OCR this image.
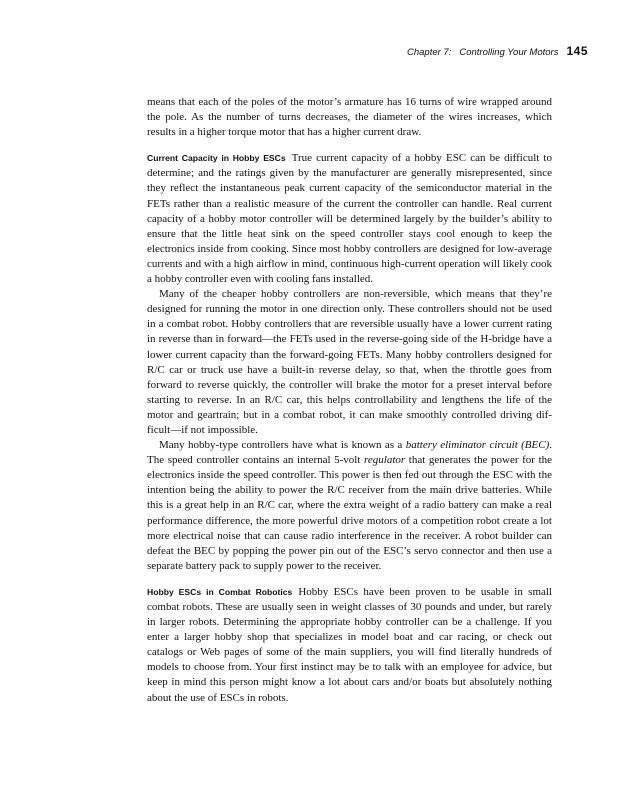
Chapter 7: Controlling Your Motors 145

means that each of the poles of the motor’s armature has 16 turns of wire wrapped around the pole. As the number of turns decreases, the diameter of the wires increases, which results in a higher torque motor that has a higher current draw.

Current Capacity in Hobby ESCs True current capacity of a hobby ESC can be difficult to determine; and the ratings given by the manufacturer are generally misrepresented, since they reflect the instantaneous peak current capacity of the semiconductor material in the FETs rather than a realistic measure of the current the controller can handle. Real current capacity of a hobby motor controller will be determined largely by the builder’s ability to ensure that the little heat sink on the speed controller stays cool enough to keep the electronics inside from cooking. Since most hobby controllers are designed for low-average currents and with a high airflow in mind, continuous high-current operation will likely cook a hobby controller even with cooling fans installed.

Many of the cheaper hobby controllers are non-reversible, which means that they’re designed for running the motor in one direction only. These controllers should not be used in a combat robot. Hobby controllers that are reversible usually have a lower current rating in reverse than in forward—the FETs used in the reverse-going side of the H-bridge have a lower current capacity than the forward-going FETs. Many hobby controllers designed for R/C car or truck use have a built-in reverse delay, so that, when the throttle goes from forward to reverse quickly, the controller will brake the motor for a preset interval before starting to reverse. In an R/C car, this helps controllability and lengthens the life of the motor and geartrain; but in a combat robot, it can make smoothly controlled driving difficult—if not impossible.

Many hobby-type controllers have what is known as a battery eliminator circuit (BEC). The speed controller contains an internal 5-volt regulator that generates the power for the electronics inside the speed controller. This power is then fed out through the ESC with the intention being the ability to power the R/C receiver from the main drive batteries. While this is a great help in an R/C car, where the extra weight of a radio battery can make a real performance difference, the more powerful drive motors of a competition robot create a lot more electrical noise that can cause radio interference in the receiver. A robot builder can defeat the BEC by popping the power pin out of the ESC’s servo connector and then use a separate battery pack to supply power to the receiver.

Hobby ESCs in Combat Robotics Hobby ESCs have been proven to be usable in small combat robots. These are usually seen in weight classes of 30 pounds and under, but rarely in larger robots. Determining the appropriate hobby controller can be a challenge. If you enter a larger hobby shop that specializes in model boat and car racing, or check out catalogs or Web pages of some of the main suppliers, you will find literally hundreds of models to choose from. Your first instinct may be to talk with an employee for advice, but keep in mind this person might know a lot about cars and/or boats but absolutely nothing about the use of ESCs in robots.
